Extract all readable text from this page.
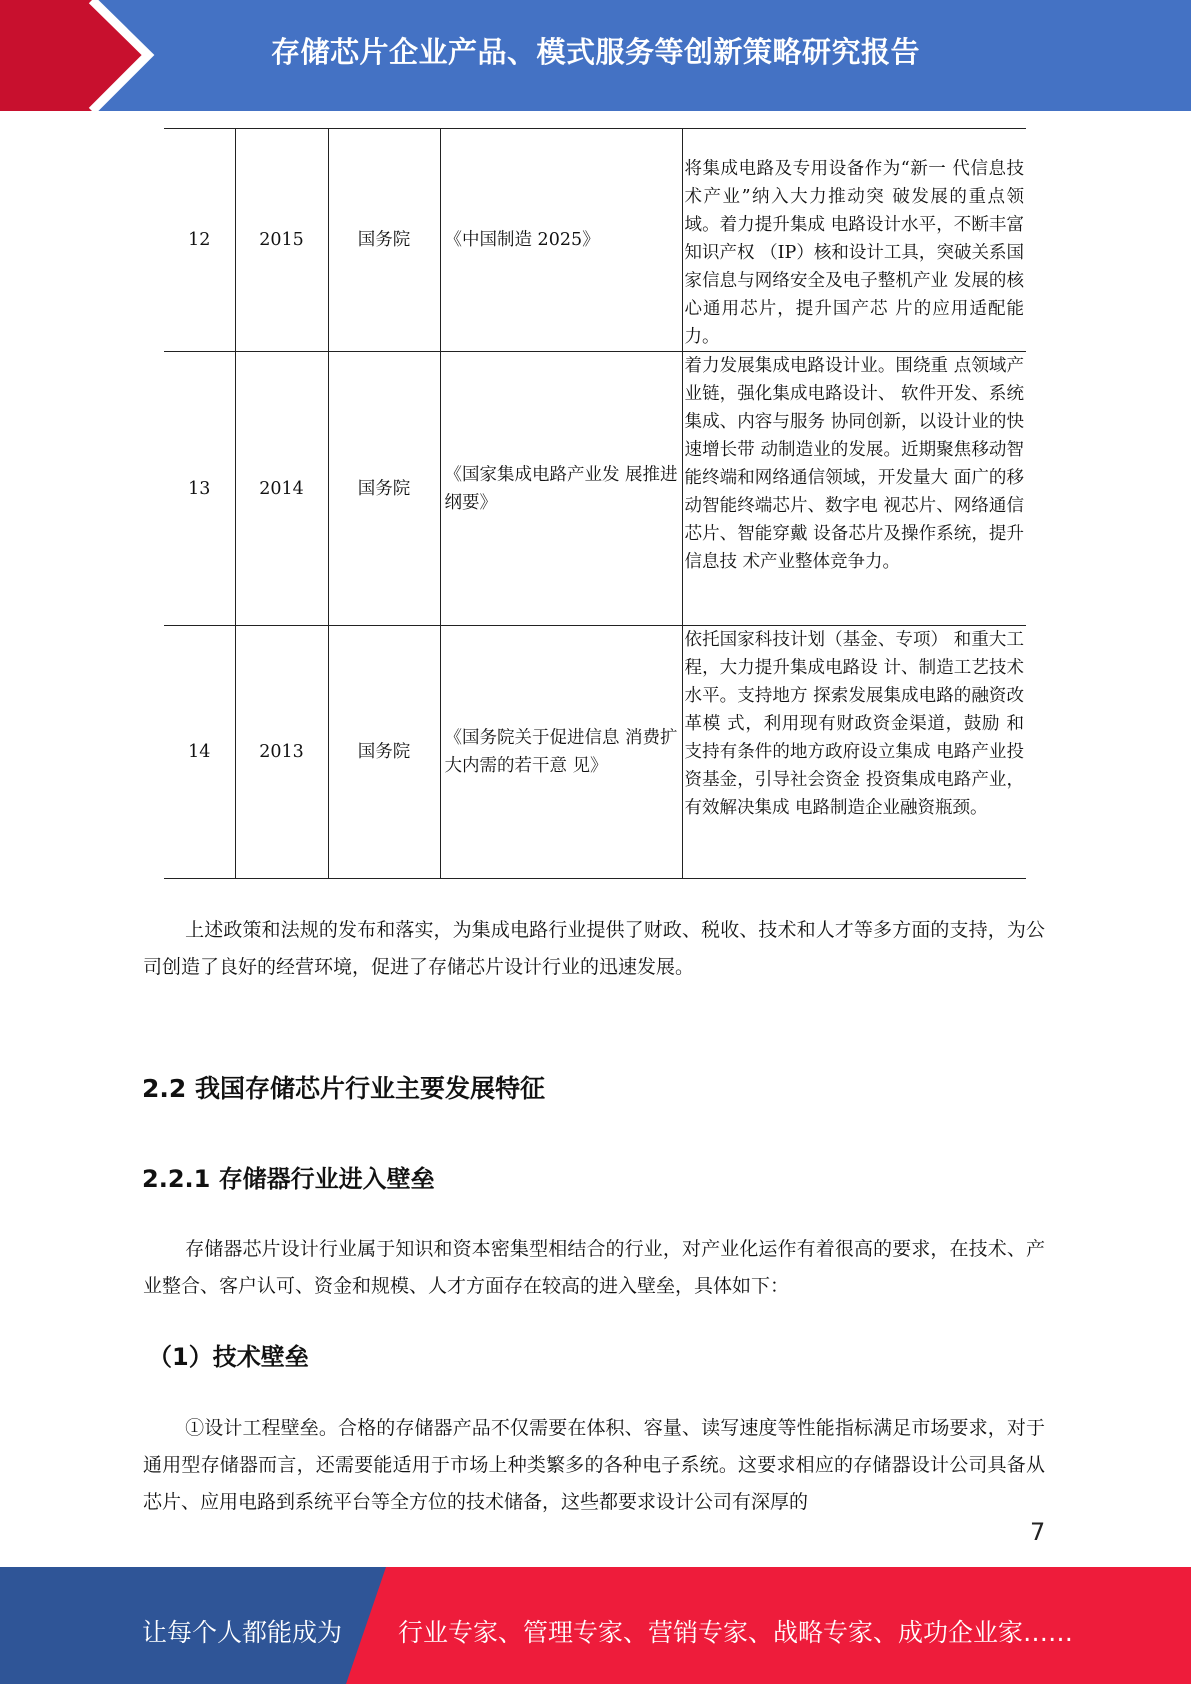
存储芯片企业产品、模式服务等创新策略研究报告
12	2015	国务院	《中国制造 2025》	将集成电路及专用设备作为“新一 代信息技术产业”纳入大力推动突 破发展的重点领域。着力提升集成 电路设计水平，不断丰富知识产权 （IP）核和设计工具，突破关系国 家信息与网络安全及电子整机产业 发展的核心通用芯片，提升国产芯 片的应用适配能力。
13	2014	国务院	《国家集成电路产业发 展推进纲要》	着力发展集成电路设计业。围绕重 点领域产业链，强化集成电路设计、 软件开发、系统集成、内容与服务 协同创新，以设计业的快速增长带 动制造业的发展。近期聚焦移动智 能终端和网络通信领域，开发量大 面广的移动智能终端芯片、数字电 视芯片、网络通信芯片、智能穿戴 设备芯片及操作系统，提升信息技 术产业整体竞争力。
14	2013	国务院	《国务院关于促进信息 消费扩大内需的若干意 见》	依托国家科技计划（基金、专项） 和重大工程，大力提升集成电路设 计、制造工艺技术水平。支持地方 探索发展集成电路的融资改革模 式，利用现有财政资金渠道，鼓励 和支持有条件的地方政府设立集成 电路产业投资基金，引导社会资金 投资集成电路产业，有效解决集成 电路制造企业融资瓶颈。

上述政策和法规的发布和落实，为集成电路行业提供了财政、税收、技术和人才等多方面的支持，为公司创造了良好的经营环境，促进了存储芯片设计行业的迅速发展。

2.2 我国存储芯片行业主要发展特征
2.2.1 存储器行业进入壁垒

存储器芯片设计行业属于知识和资本密集型相结合的行业，对产业化运作有着很高的要求，在技术、产业整合、客户认可、资金和规模、人才方面存在较高的进入壁垒，具体如下：

（1）技术壁垒

①设计工程壁垒。合格的存储器产品不仅需要在体积、容量、读写速度等性能指标满足市场要求，对于通用型存储器而言，还需要能适用于市场上种类繁多的各种电子系统。这要求相应的存储器设计公司具备从芯片、应用电路到系统平台等全方位的技术储备，这些都要求设计公司有深厚的

7
让每个人都能成为 行业专家、管理专家、营销专家、战略专家、成功企业家……
